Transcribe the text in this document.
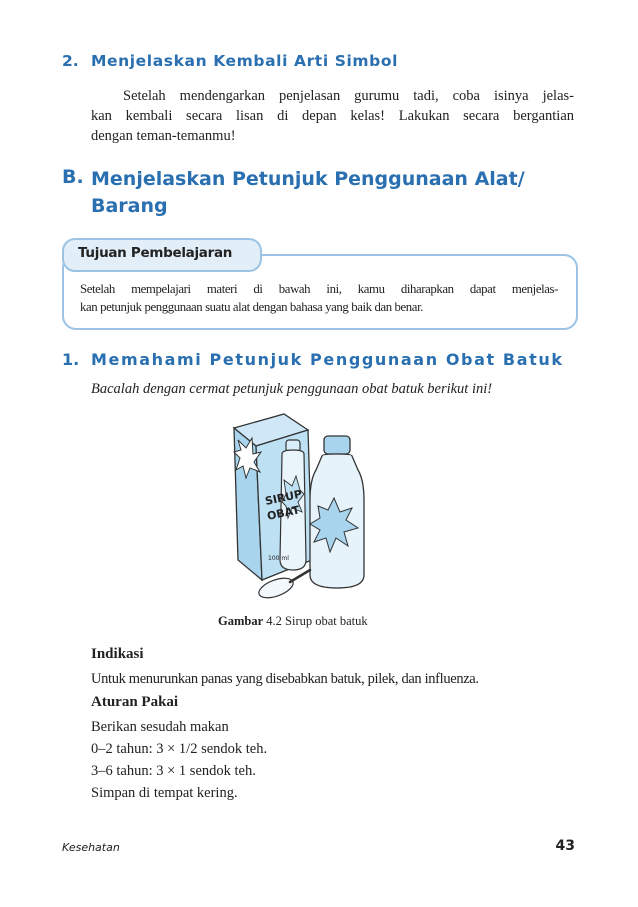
2. Menjelaskan Kembali Arti Simbol
Setelah mendengarkan penjelasan gurumu tadi, coba isinya jelas-
kan kembali secara lisan di depan kelas! Lakukan secara bergantian
dengan teman-temanmu!
B. Menjelaskan Petunjuk Penggunaan Alat/
Barang
Tujuan Pembelajaran
Setelah mempelajari materi di bawah ini, kamu diharapkan dapat menjelas-
kan petunjuk penggunaan suatu alat dengan bahasa yang baik dan benar.
1. Memahami Petunjuk Penggunaan Obat Batuk
Bacalah dengan cermat petunjuk penggunaan obat batuk berikut ini!
SIRUP
OBAT
100 ml
Gambar 4.2 Sirup obat batuk
Indikasi
Untuk menurunkan panas yang disebabkan batuk, pilek, dan influenza.
Aturan Pakai
Berikan sesudah makan
0–2 tahun: 3 × 1/2 sendok teh.
3–6 tahun: 3 × 1 sendok teh.
Simpan di tempat kering.
Kesehatan	43
